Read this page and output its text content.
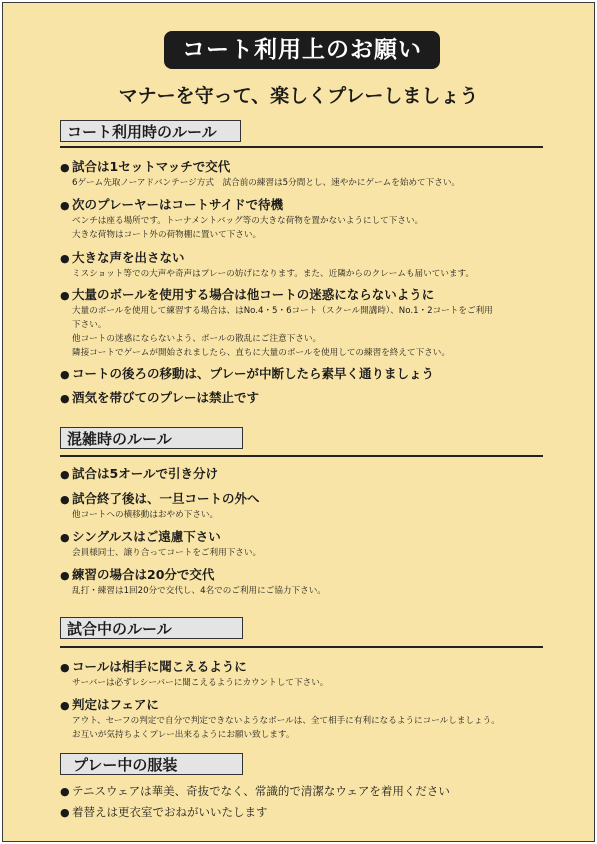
コート利用上のお願い
マナーを守って、楽しくプレーしましょう
コート利用時のルール
● 試合は1セットマッチで交代
6ゲーム先取ノーアドバンテージ方式　試合前の練習は5分間とし、速やかにゲームを始めて下さい。
● 次のプレーヤーはコートサイドで待機
ベンチは座る場所です。トーナメントバッグ等の大きな荷物を置かないようにして下さい。
大きな荷物はコート外の荷物棚に置いて下さい。
● 大きな声を出さない
ミスショット等での大声や奇声はプレーの妨げになります。また、近隣からのクレームも届いています。
● 大量のボールを使用する場合は他コートの迷惑にならないように
大量のボールを使用して練習する場合は、はNo.4・5・6コート（スクール開講時）、No.1・2コートをご利用
下さい。
他コートの迷惑にならないよう、ボールの散乱にご注意下さい。
隣接コートでゲームが開始されましたら、直ちに大量のボールを使用しての練習を終えて下さい。
● コートの後ろの移動は、プレーが中断したら素早く通りましょう
● 酒気を帯びてのプレーは禁止です
混雑時のルール
● 試合は5オールで引き分け
● 試合終了後は、一旦コートの外へ
他コートへの横移動はおやめ下さい。
● シングルスはご遠慮下さい
会員様同士、譲り合ってコートをご利用下さい。
● 練習の場合は20分で交代
乱打・練習は1回20分で交代し、4名でのご利用にご協力下さい。
試合中のルール
● コールは相手に聞こえるように
サーバーは必ずレシーバーに聞こえるようにカウントして下さい。
● 判定はフェアに
アウト、セーフの判定で自分で判定できないようなボールは、全て相手に有利になるようにコールしましょう。
お互いが気持ちよくプレー出来るようにお願い致します。
プレー中の服装
● テニスウェアは華美、奇抜でなく、常識的で清潔なウェアを着用ください
● 着替えは更衣室でおねがいいたします
